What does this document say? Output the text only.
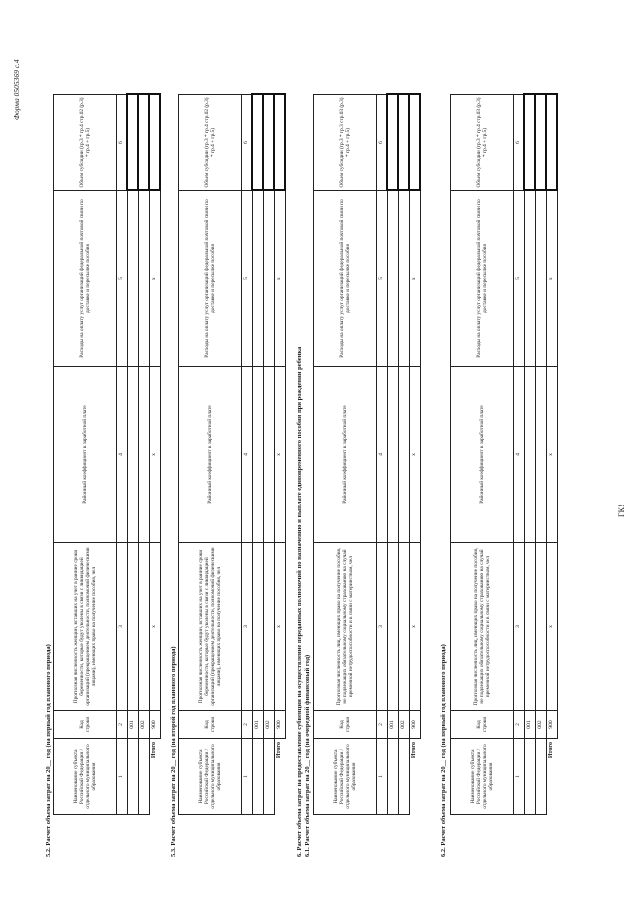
Форма 0505369 с.4
ГК!
5.2. Расчет объема затрат на 20__ год (на первый год планового периода)	Наименование субъекта Российской Федерации / отдельного муниципального образования	Код строки	Прогнозная численность женщин, вставших на учет в ранние сроки беременности, которые будут уволены в связи с ликвидацией организаций (прекращением деятельности, полномочий физическими лицами), имеющих право на получение пособия, чел	Районный коэффициент к заработной плате	Расходы на оплату услуг организаций федеральной почтовой связи по доставке и пересылке пособия	Объем субсидии (гр.3 * гр.4 стр.02 (р.3) * гр.4 + гр.5)
1	2	3	4	5	6
	001				
	002				
Итого	900	x	x	x	
5.3. Расчет объема затрат на 20__ год (на второй год планового периода)	Наименование субъекта Российской Федерации / отдельного муниципального образования	Код строки	Прогнозная численность женщин, вставших на учет в ранние сроки беременности, которые будут уволены в связи с ликвидацией организаций (прекращением деятельности, полномочий физическими лицами), имеющих право на получение пособия, чел	Районный коэффициент к заработной плате	Расходы на оплату услуг организаций федеральной почтовой связи по доставке и пересылке пособия	Объем субсидии (гр.3 * гр.4 стр.02 (р.3) * гр.4 + гр.5)
1	2	3	4	5	6
	001				
	002				
Итого	900	x	x	x	
6. Расчет объема затрат на предоставление субвенции на осуществление переданных полномочий по назначению и выплате единовременного пособия при рождении ребенка 6.1. Расчет объема затрат на 20__ год (на очередной финансовый год)	Наименование субъекта Российской Федерации / отдельного муниципального образования	Код строки	Прогнозная численность лиц, имеющих право на получение пособия, не подлежащих обязательному социальному страхованию на случай временной нетрудоспособности и в связи с материнством, чел	Районный коэффициент к заработной плате	Расходы на оплату услуг организаций федеральной почтовой связи по доставке и пересылке пособия	Объем субсидии (гр.3 * гр.3 стр.03 (р.3) * гр.4 + гр.5)
1	2	3	4	5	6
	001				
	002				
Итого	900	x	x	x	
6.2. Расчет объема затрат на 20__ год (на первый год планового периода)	Наименование субъекта Российской Федерации / отдельного муниципального образования	Код строки	Прогнозная численность лиц, имеющих право на получение пособия, не подлежащих обязательному социальному страхованию на случай временной нетрудоспособности и в связи с материнством, чел	Районный коэффициент к заработной плате	Расходы на оплату услуг организаций федеральной почтовой связи по доставке и пересылке пособия	Объем субсидии (гр.3 * гр.4 стр.03 (р.3) * гр.4 + гр.5)
1	2	3	4	5	6
	001				
	002				
Итого	900	x	x	x	
